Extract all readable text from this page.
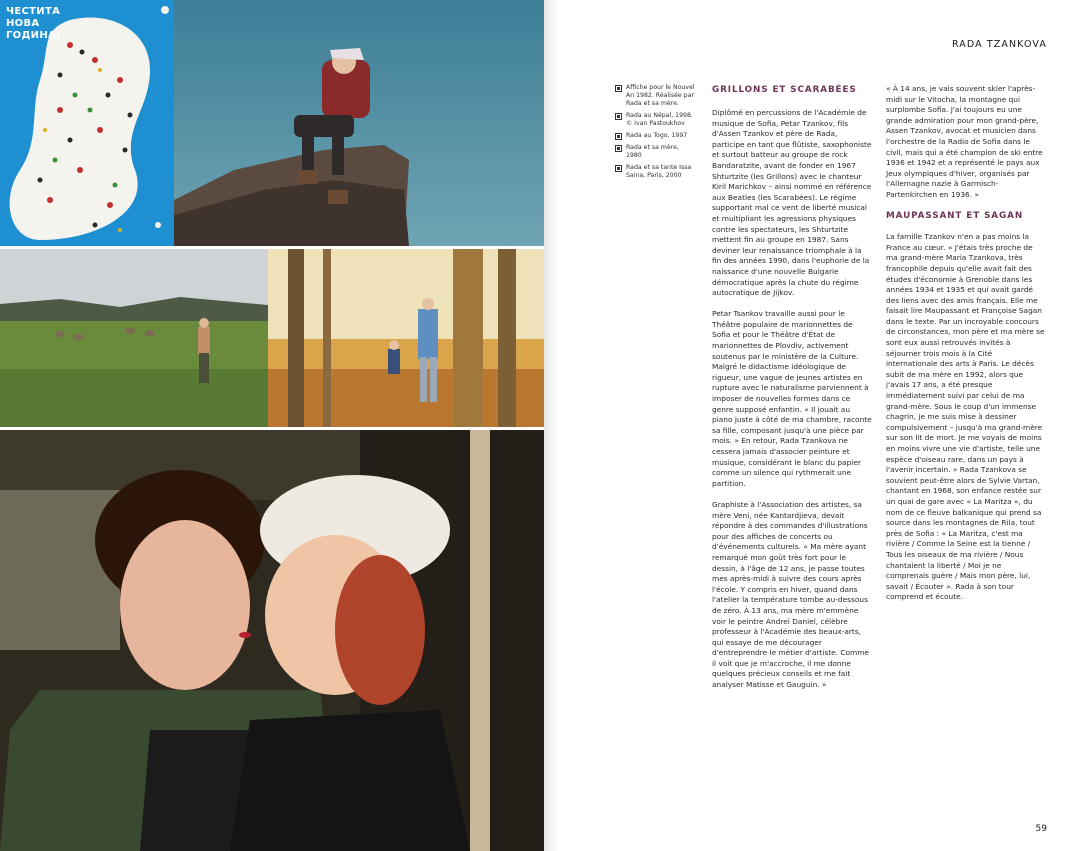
ЧЕСТИТА НОВА ГОДИНА!
RADA TZANKOVA
Affiche pour le Nouvel An 1982. Réalisée par Rada et sa mère.
Rada au Népal, 1998. © Ivan Pastoukhov
Rada au Togo, 1997
Rada et sa mère, 1980
Rada et sa tante Issa Saina, Paris, 2000
GRILLONS ET SCARABÉES

Diplômé en percussions de l'Académie de musique de Sofia, Petar Tzankov, fils d'Assen Tzankov et père de Rada, participe en tant que flûtiste, saxophoniste et surtout batteur au groupe de rock Bandaratzite, avant de fonder en 1967 Shturtzite (les Grillons) avec le chanteur Kiril Marichkov – ainsi nommé en référence aux Beatles (les Scarabées). Le régime supportant mal ce vent de liberté musical et multipliant les agressions physiques contre les spectateurs, les Shturtzite mettent fin au groupe en 1987. Sans deviner leur renaissance triomphale à la fin des années 1990, dans l'euphorie de la naissance d'une nouvelle Bulgarie démocratique après la chute du régime autocratique de Jijkov.

Petar Tsankov travaille aussi pour le Théâtre populaire de marionnettes de Sofia et pour le Théâtre d'État de marionnettes de Plovdiv, activement soutenus par le ministère de la Culture. Malgré le didactisme idéologique de rigueur, une vague de jeunes artistes en rupture avec le naturalisme parviennent à imposer de nouvelles formes dans ce genre supposé enfantin. « Il jouait au piano juste à côté de ma chambre, raconte sa fille, composant jusqu'à une pièce par mois. » En retour, Rada Tzankova ne cessera jamais d'associer peinture et musique, considérant le blanc du papier comme un silence qui rythmerait une partition.

Graphiste à l'Association des artistes, sa mère Veni, née Kantardjieva, devait répondre à des commandes d'illustrations pour des affiches de concerts ou d'événements culturels. « Ma mère ayant remarqué mon goût très fort pour le dessin, à l'âge de 12 ans, je passe toutes mes après-midi à suivre des cours après l'école. Y compris en hiver, quand dans l'atelier la température tombe au-dessous de zéro. À 13 ans, ma mère m'emmène voir le peintre Andreï Daniel, célèbre professeur à l'Académie des beaux-arts, qui essaye de me décourager d'entreprendre le métier d'artiste. Comme il voit que je m'accroche, il me donne quelques précieux conseils et me fait analyser Matisse et Gauguin. »

« À 14 ans, je vais souvent skier l'après-midi sur le Vitocha, la montagne qui surplombe Sofia. J'ai toujours eu une grande admiration pour mon grand-père, Assen Tzankov, avocat et musicien dans l'orchestre de la Radio de Sofia dans le civil, mais qui a été champion de ski entre 1936 et 1942 et a représenté le pays aux Jeux olympiques d'hiver, organisés par l'Allemagne nazie à Garmisch-Partenkirchen en 1936. »

MAUPASSANT ET SAGAN

La famille Tzankov n'en a pas moins la France au cœur. « J'étais très proche de ma grand-mère Maria Tzankova, très francophile depuis qu'elle avait fait des études d'économie à Grenoble dans les années 1934 et 1935 et qui avait gardé des liens avec des amis français. Elle me faisait lire Maupassant et Françoise Sagan dans le texte. Par un incroyable concours de circonstances, mon père et ma mère se sont eux aussi retrouvés invités à séjourner trois mois à la Cité internationale des arts à Paris. Le décès subit de ma mère en 1992, alors que j'avais 17 ans, a été presque immédiatement suivi par celui de ma grand-mère. Sous le coup d'un immense chagrin, je me suis mise à dessiner compulsivement – jusqu'à ma grand-mère sur son lit de mort. Je me voyais de moins en moins vivre une vie d'artiste, telle une espèce d'oiseau rare, dans un pays à l'avenir incertain. » Rada Tzankova se souvient peut-être alors de Sylvie Vartan, chantant en 1968, son enfance restée sur un quai de gare avec « La Maritza », du nom de ce fleuve balkanique qui prend sa source dans les montagnes de Rila, tout près de Sofia : « La Maritza, c'est ma rivière / Comme la Seine est la tienne / Tous les oiseaux de ma rivière / Nous chantaient la liberté / Moi je ne comprenais guère / Mais mon père, lui, savait / Écouter ». Rada à son tour comprend et écoute.

59
